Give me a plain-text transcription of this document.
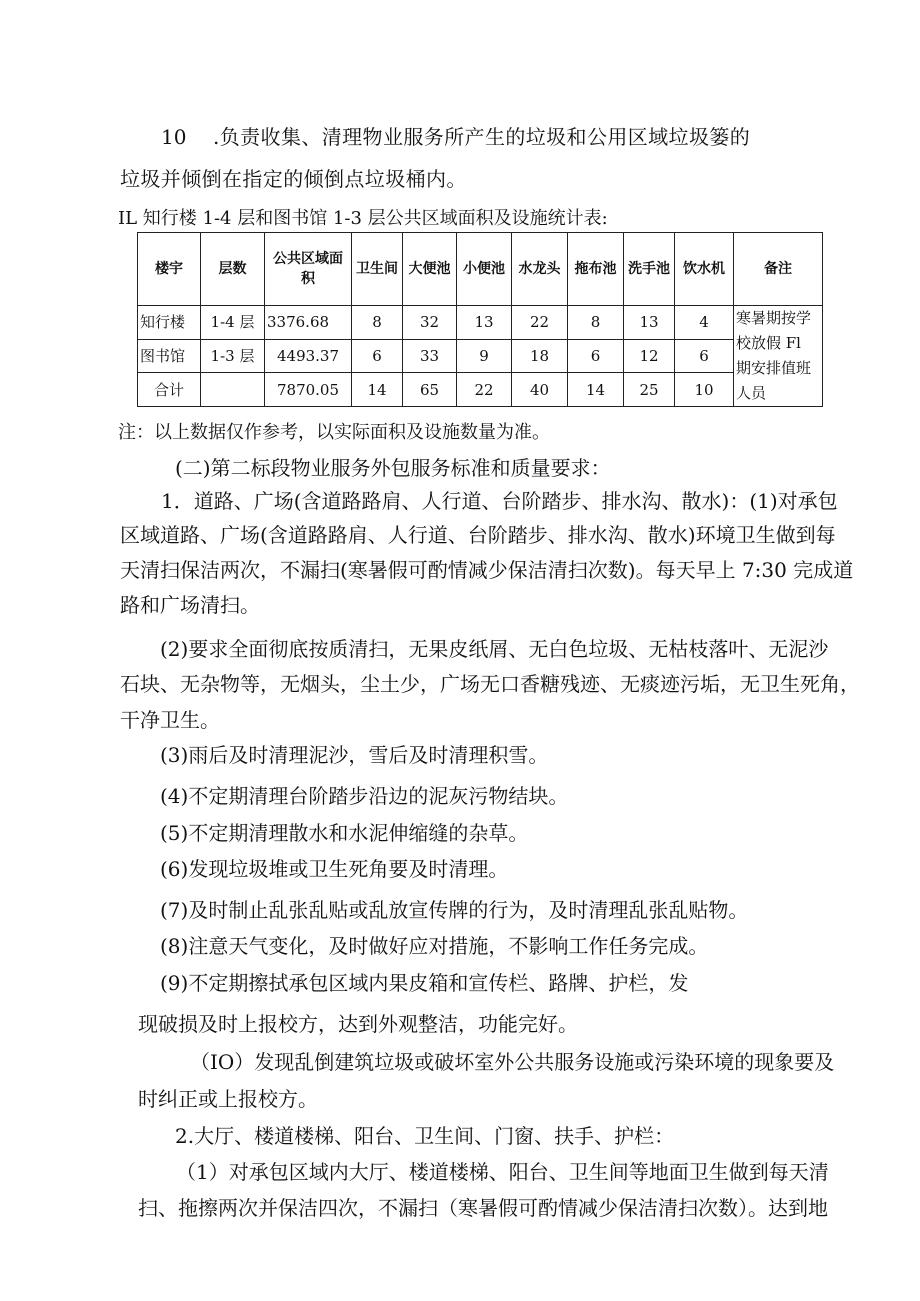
10 .负责收集、清理物业服务所产生的垃圾和公用区域垃圾篓的
垃圾并倾倒在指定的倾倒点垃圾桶内。
IL 知行楼 1-4 层和图书馆 1-3 层公共区域面积及设施统计表:
楼宇	层数	公共区域面积	卫生间	大便池	小便池	水龙头	拖布池	洗手池	饮水机	备注
知行楼	1-4 层	3376.68	8	32	13	22	8	13	4	寒暑期按学校放假 Fl 期安排值班人员
图书馆	1-3 层	4493.37	6	33	9	18	6	12	6	
合计		7870.05	14	65	22	40	14	25	10	
注：以上数据仅作参考，以实际面积及设施数量为准。
(二)第二标段物业服务外包服务标准和质量要求：
1．道路、广场(含道路路肩、人行道、台阶踏步、排水沟、散水)：(1)对承包
区域道路、广场(含道路路肩、人行道、台阶踏步、排水沟、散水)环境卫生做到每
天清扫保洁两次，不漏扫(寒暑假可酌情减少保洁清扫次数)。每天早上 7:30 完成道
路和广场清扫。
(2)要求全面彻底按质清扫，无果皮纸屑、无白色垃圾、无枯枝落叶、无泥沙
石块、无杂物等，无烟头，尘土少，广场无口香糖残迹、无痰迹污垢，无卫生死角，
干净卫生。
(3)雨后及时清理泥沙，雪后及时清理积雪。
(4)不定期清理台阶踏步沿边的泥灰污物结块。
(5)不定期清理散水和水泥伸缩缝的杂草。
(6)发现垃圾堆或卫生死角要及时清理。
(7)及时制止乱张乱贴或乱放宣传牌的行为，及时清理乱张乱贴物。
(8)注意天气变化，及时做好应对措施，不影响工作任务完成。
(9)不定期擦拭承包区域内果皮箱和宣传栏、路牌、护栏，发
现破损及时上报校方，达到外观整洁，功能完好。
（IO）发现乱倒建筑垃圾或破坏室外公共服务设施或污染环境的现象要及
时纠正或上报校方。
2.大厅、楼道楼梯、阳台、卫生间、门窗、扶手、护栏：
（1）对承包区域内大厅、楼道楼梯、阳台、卫生间等地面卫生做到每天清
扫、拖擦两次并保洁四次，不漏扫（寒暑假可酌情减少保洁清扫次数）。达到地
